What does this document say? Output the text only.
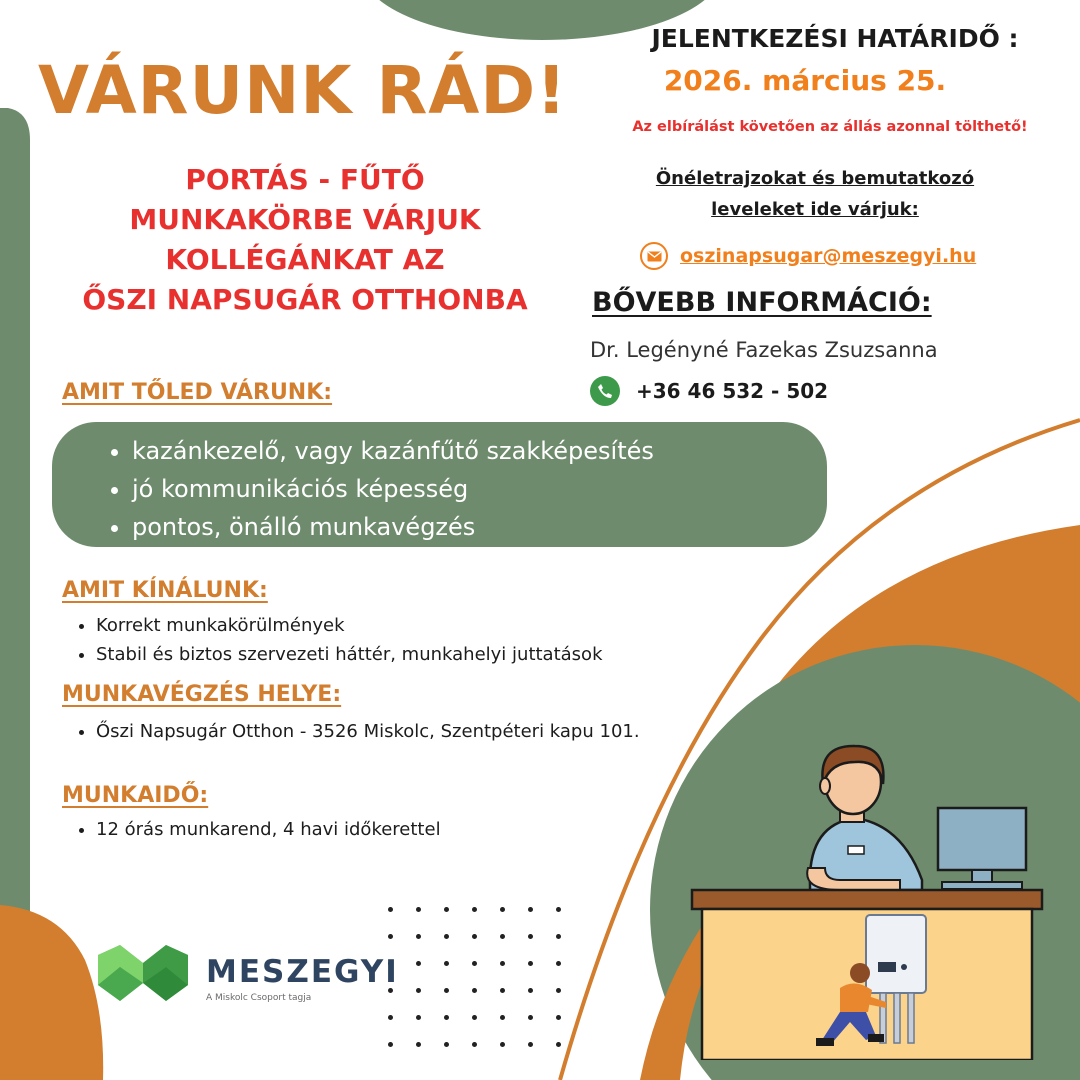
VÁRUNK RÁD!
PORTÁS - FŰTŐ
MUNKAKÖRBE VÁRJUK
KOLLÉGÁNKAT AZ
ŐSZI NAPSUGÁR OTTHONBA
JELENTKEZÉSI HATÁRIDŐ :
2026. március 25.
Az elbírálást követően az állás azonnal tölthető!
Önéletrajzokat és bemutatkozó
leveleket ide várjuk:
oszinapsugar@meszegyi.hu
BŐVEBB INFORMÁCIÓ:
Dr. Legényné Fazekas Zsuzsanna
+36 46 532 - 502
AMIT TŐLED VÁRUNK:
• kazánkezelő, vagy kazánfűtő szakképesítés
• jó kommunikációs képesség
• pontos, önálló munkavégzés
AMIT KÍNÁLUNK:
• Korrekt munkakörülmények
• Stabil és biztos szervezeti háttér, munkahelyi juttatások
MUNKAVÉGZÉS HELYE:
• Őszi Napsugár Otthon - 3526 Miskolc, Szentpéteri kapu 101.
MUNKAIDŐ:
• 12 órás munkarend, 4 havi időkerettel
MESZEGYI
A Miskolc Csoport tagja
